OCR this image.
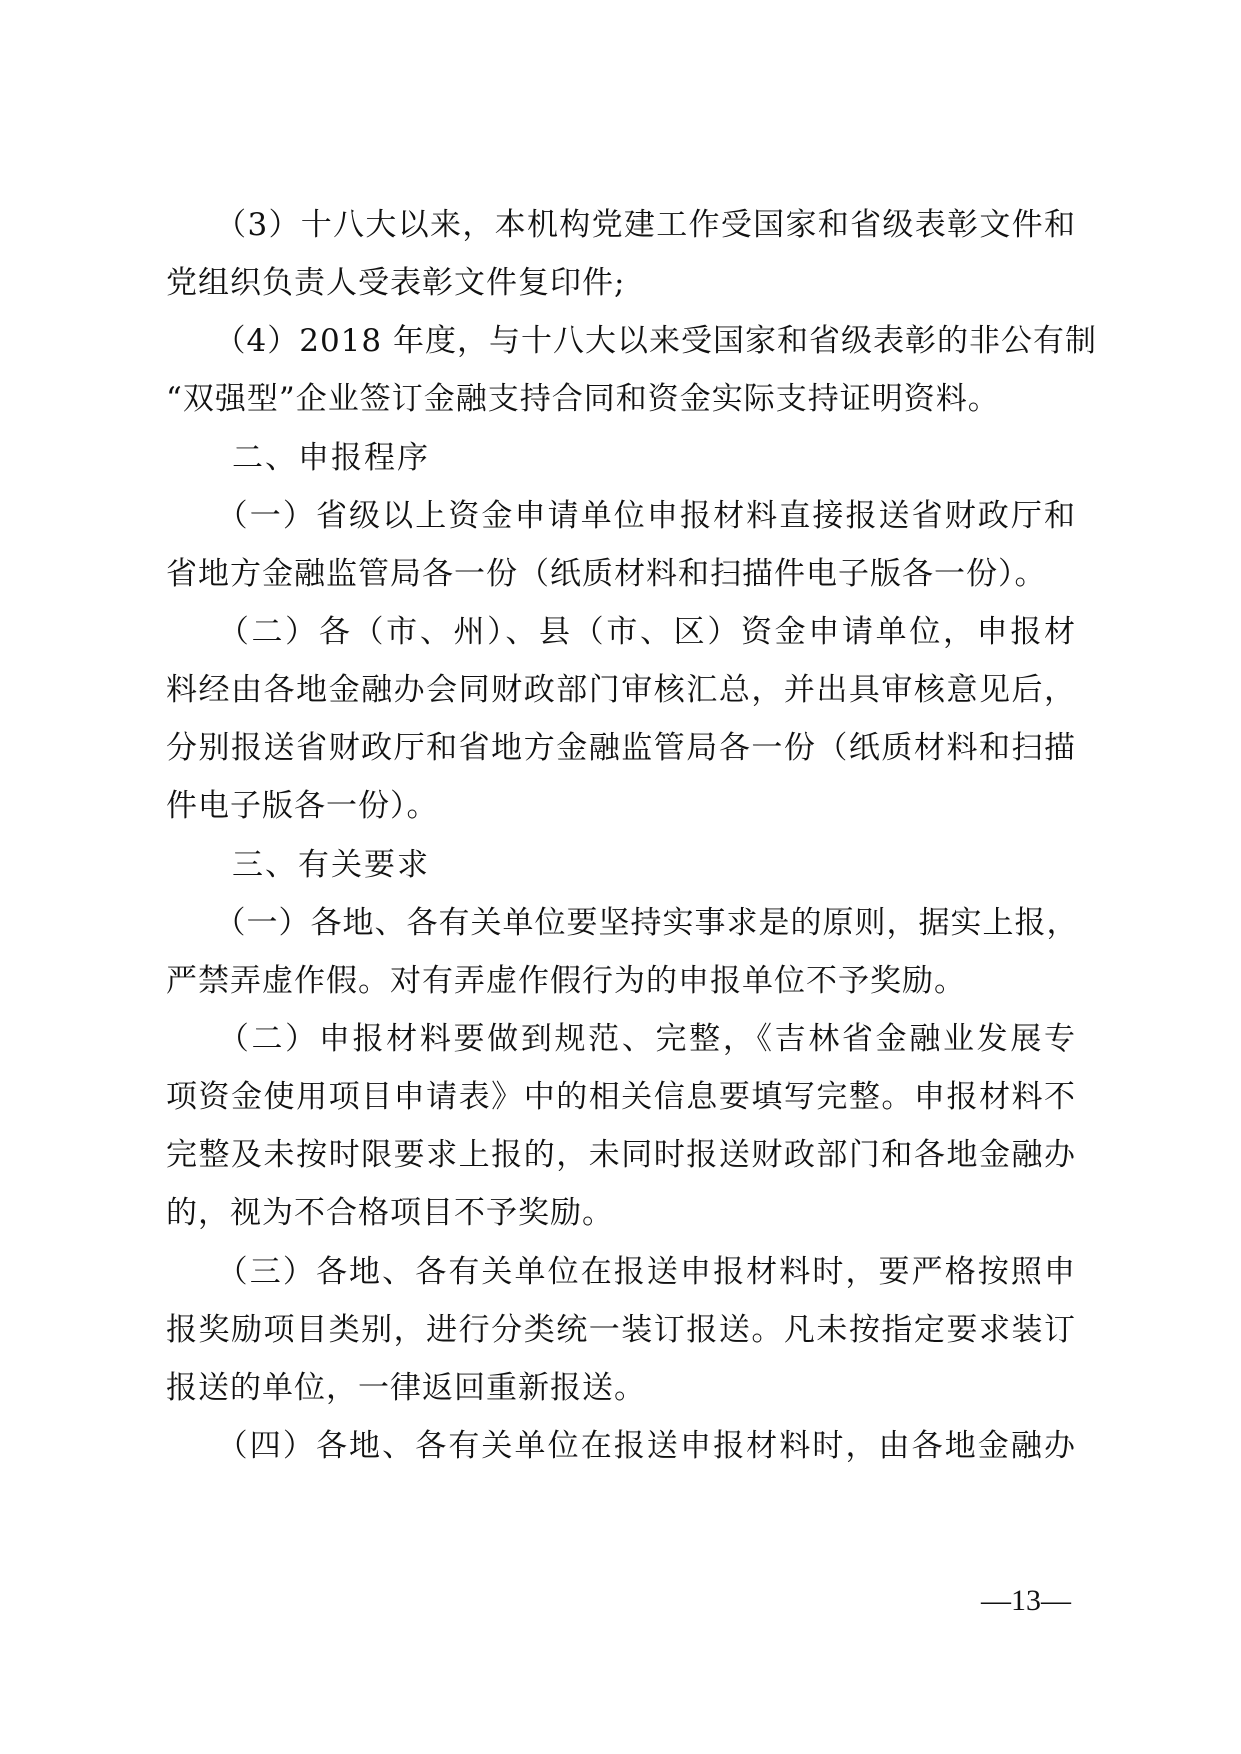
　　（3）十八大以来，本机构党建工作受国家和省级表彰文件和
党组织负责人受表彰文件复印件;
　　（4）2018 年度，与十八大以来受国家和省级表彰的非公有制
“双强型”企业签订金融支持合同和资金实际支持证明资料。
　　二、申报程序
　　（一）省级以上资金申请单位申报材料直接报送省财政厅和
省地方金融监管局各一份（纸质材料和扫描件电子版各一份）。
　　（二）各（市、州）、县（市、区）资金申请单位，申报材
料经由各地金融办会同财政部门审核汇总，并出具审核意见后，
分别报送省财政厅和省地方金融监管局各一份（纸质材料和扫描
件电子版各一份）。
　　三、有关要求
　　（一）各地、各有关单位要坚持实事求是的原则，据实上报，
严禁弄虚作假。对有弄虚作假行为的申报单位不予奖励。
　　（二）申报材料要做到规范、完整，《吉林省金融业发展专
项资金使用项目申请表》中的相关信息要填写完整。申报材料不
完整及未按时限要求上报的，未同时报送财政部门和各地金融办
的，视为不合格项目不予奖励。
　　（三）各地、各有关单位在报送申报材料时，要严格按照申
报奖励项目类别，进行分类统一装订报送。凡未按指定要求装订
报送的单位，一律返回重新报送。
　　（四）各地、各有关单位在报送申报材料时，由各地金融办
—13—
